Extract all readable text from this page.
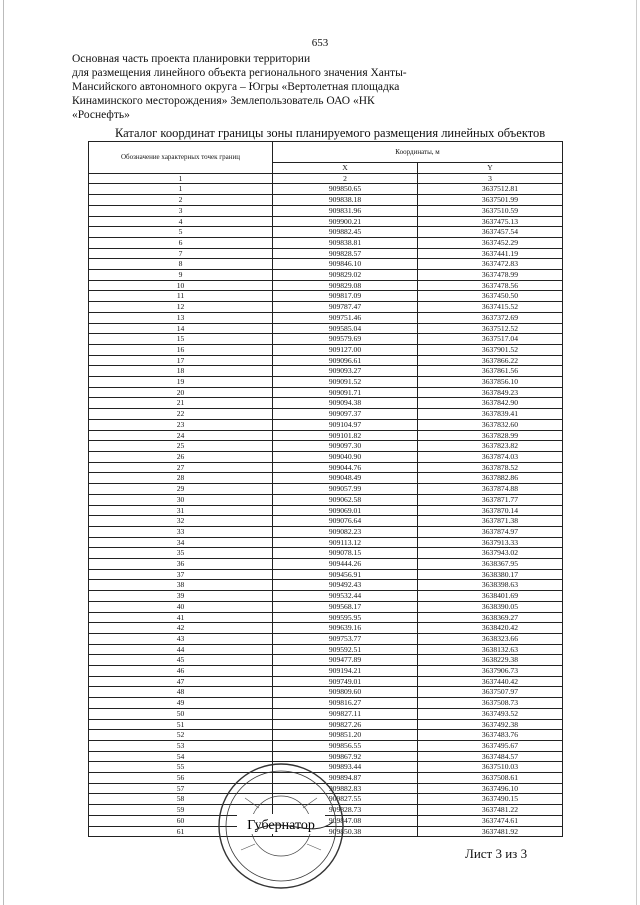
653
Основная часть проекта планировки территории
для размещения линейного объекта регионального значения Ханты-
Мансийского автономного округа – Югры «Вертолетная площадка
Кинаминского месторождения» Землепользователь ОАО «НК
«Роснефть»
Каталог координат границы зоны планируемого размещения линейных объектов
Обозначение характерных точек границ	Координаты, м	
	X	Y
1	2	3
1	909850.65	3637512.81
2	909838.18	3637501.99
3	909831.96	3637510.59
4	909900.21	3637475.13
5	909882.45	3637457.54
6	909838.81	3637452.29
7	909828.57	3637441.19
8	909846.10	3637472.83
9	909829.02	3637478.99
10	909829.08	3637478.56
11	909817.09	3637450.50
12	909787.47	3637415.52
13	909751.46	3637372.69
14	909585.04	3637512.52
15	909579.69	3637517.04
16	909127.00	3637901.52
17	909096.61	3637866.22
18	909093.27	3637861.56
19	909091.52	3637856.10
20	909091.71	3637849.23
21	909094.38	3637842.90
22	909097.37	3637839.41
23	909104.97	3637832.60
24	909101.82	3637828.99
25	909097.30	3637823.82
26	909040.90	3637874.03
27	909044.76	3637878.52
28	909048.49	3637882.86
29	909057.99	3637874.88
30	909062.58	3637871.77
31	909069.01	3637870.14
32	909076.64	3637871.38
33	909082.23	3637874.97
34	909113.12	3637913.33
35	909078.15	3637943.02
36	909444.26	3638367.95
37	909456.91	3638380.17
38	909492.43	3638398.63
39	909532.44	3638401.69
40	909568.17	3638390.05
41	909595.95	3638369.27
42	909639.16	3638420.42
43	909753.77	3638323.66
44	909592.51	3638132.63
45	909477.89	3638229.38
46	909194.21	3637906.73
47	909749.01	3637440.42
48	909809.60	3637507.97
49	909816.27	3637508.73
50	909827.11	3637493.52
51	909827.26	3637492.38
52	909851.20	3637483.76
53	909856.55	3637495.67
54	909867.92	3637484.57
55	909893.44	3637510.03
56	909894.87	3637508.61
57	909882.83	3637496.10
58	909827.55	3637490.15
59	909828.73	3637481.22
60	909847.08	3637474.61
61	909850.38	3637481.92
Губернатор
Лист 3 из 3
